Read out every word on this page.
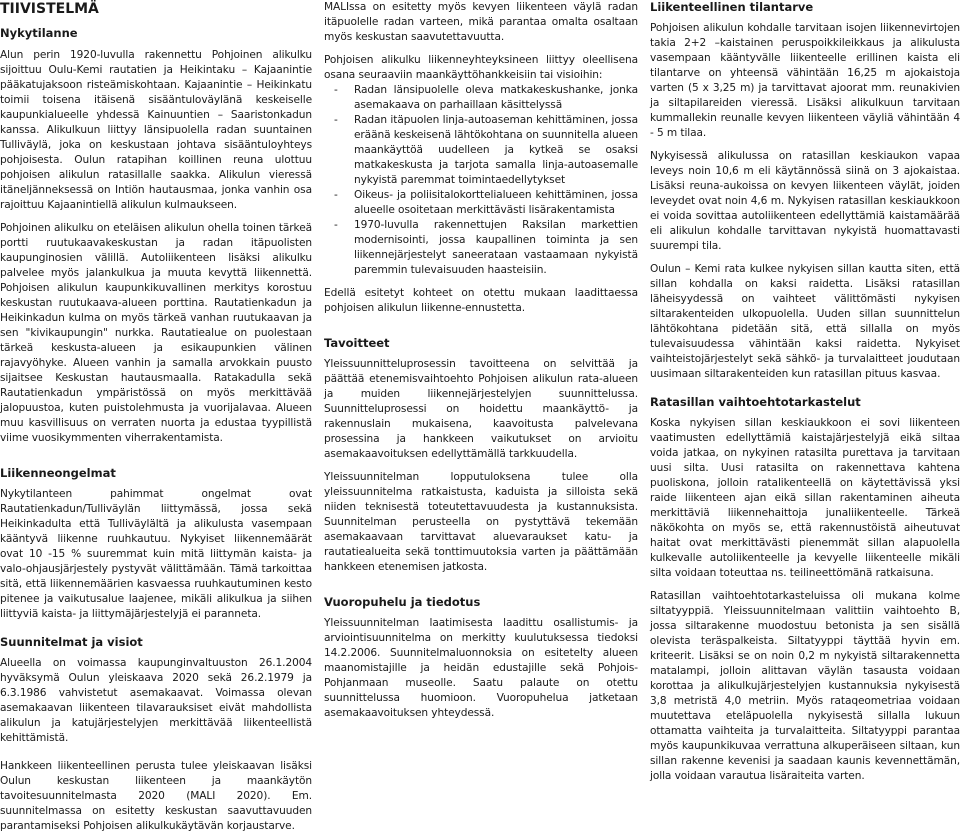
TIIVISTELMÄ
Nykytilanne

Alun perin 1920-luvulla rakennettu Pohjoinen alikulku sijoittuu Oulu-Kemi rautatien ja Heikintaku – Kajaanintie pääkatujaksoon risteämiskohtaan. Kajaanintie – Heikinkatu toimii toisena itäisenä sisääntuloväylänä keskeiselle kaupunkialueelle yhdessä Kainuuntien – Saaristonkadun kanssa. Alikulkuun liittyy länsipuolella radan suuntainen Tulliväylä, joka on keskustaan johtava sisääntuloyhteys pohjoisesta. Oulun ratapihan koillinen reuna ulottuu pohjoisen alikulun ratasillalle saakka. Alikulun vieressä itäneljänneksessä on Intiön hautausmaa, jonka vanhin osa rajoittuu Kajaanintiellä alikulun kulmaukseen.

Pohjoinen alikulku on eteläisen alikulun ohella toinen tärkeä portti ruutukaavakeskustan ja radan itäpuolisten kaupunginosien välillä. Autoliikenteen lisäksi alikulku palvelee myös jalankulkua ja muuta kevyttä liikennettä. Pohjoisen alikulun kaupunkikuvallinen merkitys korostuu keskustan ruutukaava-alueen porttina. Rautatienkadun ja Heikinkadun kulma on myös tärkeä vanhan ruutukaavan ja sen "kivikaupungin" nurkka. Rautatiealue on puolestaan tärkeä keskusta-alueen ja esikaupunkien välinen rajavyöhyke. Alueen vanhin ja samalla arvokkain puusto sijaitsee Keskustan hautausmaalla. Ratakadulla sekä Rautatienkadun ympäristössä on myös merkittävää jalopuustoa, kuten puistolehmusta ja vuorijalavaa. Alueen muu kasvillisuus on verraten nuorta ja edustaa tyypillistä viime vuosikymmenten viherrakentamista.

Liikenneongelmat

Nykytilanteen pahimmat ongelmat ovat Rautatienkadun/Tulliväylän liittymässä, jossa sekä Heikinkadulta että Tulliväylältä ja alikulusta vasempaan kääntyvä liikenne ruuhkautuu. Nykyiset liikennemäärät ovat 10 -15 % suuremmat kuin mitä liittymän kaista- ja valo-ohjausjärjestely pystyvät välittämään. Tämä tarkoittaa sitä, että liikennemäärien kasvaessa ruuhkautuminen kesto pitenee ja vaikutusalue laajenee, mikäli alikulkua ja siihen liittyviä kaista- ja liittymäjärjestelyjä ei paranneta.

Suunnitelmat ja visiot

Alueella on voimassa kaupunginvaltuuston 26.1.2004 hyväksymä Oulun yleiskaava 2020 sekä 26.2.1979 ja 6.3.1986 vahvistetut asemakaavat. Voimassa olevan asemakaavan liikenteen tilavarauksiset eivät mahdollista alikulun ja katujärjestelyjen merkittävää liikenteellistä kehittämistä.

Hankkeen liikenteellinen perusta tulee yleiskaavan lisäksi Oulun keskustan liikenteen ja maankäytön tavoitesuunnitelmasta 2020 (MALI 2020). Em. suunnitelmassa on esitetty keskustan saavuttavuuden parantamiseksi Pohjoisen alikulkukäytävän korjaustarve.

MALIssa on esitetty myös kevyen liikenteen väylä radan itäpuolelle radan varteen, mikä parantaa omalta osaltaan myös keskustan saavutettavuutta.

Pohjoisen alikulku liikenneyhteyksineen liittyy oleellisena osana seuraaviin maankäyttöhankkeisiin tai visioihin:

- Radan länsipuolelle oleva matkakeskushanke, jonka asemakaava on parhaillaan käsittelyssä
- Radan itäpuolen linja-autoaseman kehittäminen, jossa eräänä keskeisenä lähtökohtana on suunnitella alueen maankäyttöä uudelleen ja kytkeä se osaksi matkakeskusta ja tarjota samalla linja-autoasemalle nykyistä paremmat toimintaedellytykset
- Oikeus- ja poliisitalokorttelialueen kehittäminen, jossa alueelle osoitetaan merkittävästi lisärakentamista
- 1970-luvulla rakennettujen Raksilan markettien modernisointi, jossa kaupallinen toiminta ja sen liikennejärjestelyt saneerataan vastaamaan nykyistä paremmin tulevaisuuden haasteisiin.

Edellä esitetyt kohteet on otettu mukaan laadittaessa pohjoisen alikulun liikenne-ennustetta.

Tavoitteet

Yleissuunnitteluprosessin tavoitteena on selvittää ja päättää etenemisvaihtoehto Pohjoisen alikulun rata-alueen ja muiden liikennejärjestelyjen suunnittelussa. Suunnitteluprosessi on hoidettu maankäyttö- ja rakennuslain mukaisena, kaavoitusta palvelevana prosessina ja hankkeen vaikutukset on arvioitu asemakaavoituksen edellyttämällä tarkkuudella.

Yleissuunnitelman lopputuloksena tulee olla yleissuunnitelma ratkaistusta, kaduista ja silloista sekä niiden teknisestä toteutettavuudesta ja kustannuksista. Suunnitelman perusteella on pystyttävä tekemään asemakaavaan tarvittavat aluevaraukset katu- ja rautatiealueita sekä tonttimuutoksia varten ja päättämään hankkeen etenemisen jatkosta.

Vuoropuhelu ja tiedotus

Yleissuunnitelman laatimisesta laadittu osallistumis- ja arviointisuunnitelma on merkitty kuulutuksessa tiedoksi 14.2.2006. Suunnitelmaluonnoksia on esitetelty alueen maanomistajille ja heidän edustajille sekä Pohjois-Pohjanmaan museolle. Saatu palaute on otettu suunnittelussa huomioon. Vuoropuhelua jatketaan asemakaavoituksen yhteydessä.

Liikenteellinen tilantarve

Pohjoisen alikulun kohdalle tarvitaan isojen liikennevirtojen takia 2+2 –kaistainen peruspoikkileikkaus ja alikulusta vasempaan kääntyvälle liikenteelle erillinen kaista eli tilantarve on yhteensä vähintään 16,25 m ajokaistoja varten (5 x 3,25 m) ja tarvittavat ajoorat mm. reunakivien ja siltapilareiden vieressä. Lisäksi alikulkuun tarvitaan kummallekin reunalle kevyen liikenteen väyliä vähintään 4 - 5 m tilaa.

Nykyisessä alikulussa on ratasillan keskiaukon vapaa leveys noin 10,6 m eli käytännössä siinä on 3 ajokaistaa. Lisäksi reuna-aukoissa on kevyen liikenteen väylät, joiden leveydet ovat noin 4,6 m. Nykyisen ratasillan keskiaukkoon ei voida sovittaa autoliikenteen edellyttämiä kaistamäärää eli alikulun kohdalle tarvittavan nykyistä huomattavasti suurempi tila.

Oulun – Kemi rata kulkee nykyisen sillan kautta siten, että sillan kohdalla on kaksi raidetta. Lisäksi ratasillan läheisyydessä on vaihteet välittömästi nykyisen siltarakenteiden ulkopuolella. Uuden sillan suunnittelun lähtökohtana pidetään sitä, että sillalla on myös tulevaisuudessa vähintään kaksi raidetta. Nykyiset vaihteistojärjestelyt sekä sähkö- ja turvalaitteet joudutaan uusimaan siltarakenteiden kun ratasillan pituus kasvaa.

Ratasillan vaihtoehtotarkastelut

Koska nykyisen sillan keskiaukkoon ei sovi liikenteen vaatimusten edellyttämiä kaistajärjestelyjä eikä siltaa voida jatkaa, on nykyinen ratasilta purettava ja tarvitaan uusi silta. Uusi ratasilta on rakennettava kahtena puoliskona, jolloin ratalikenteellä on käytettävissä yksi raide liikenteen ajan eikä sillan rakentaminen aiheuta merkittäviä liikennehaittoja junaliikenteelle. Tärkeä näkökohta on myös se, että rakennustöistä aiheutuvat haitat ovat merkittävästi pienemmät sillan alapuolella kulkevalle autoliikenteelle ja kevyelle liikenteelle mikäli silta voidaan toteuttaa ns. teilineettömänä ratkaisuna.

Ratasillan vaihtoehtotarkasteluissa oli mukana kolme siltatyyppiä. Yleissuunnitelmaan valittiin vaihtoehto B, jossa siltarakenne muodostuu betonista ja sen sisällä olevista teräspalkeista. Siltatyyppi täyttää hyvin em. kriteerit. Lisäksi se on noin 0,2 m nykyistä siltarakennetta matalampi, jolloin alittavan väylän tasausta voidaan korottaa ja alikulkujärjestelyjen kustannuksia nykyisestä 3,8 metristä 4,0 metriin. Myös rataqeometriaa voidaan muutettava eteläpuolella nykyisestä sillalla lukuun ottamatta vaihteita ja turvalaitteita. Siltatyyppi parantaa myös kaupunkikuvaa verrattuna alkuperäiseen siltaan, kun sillan rakenne kevenisi ja saadaan kaunis kevennettämän, jolla voidaan varautua lisäraiteita varten.
